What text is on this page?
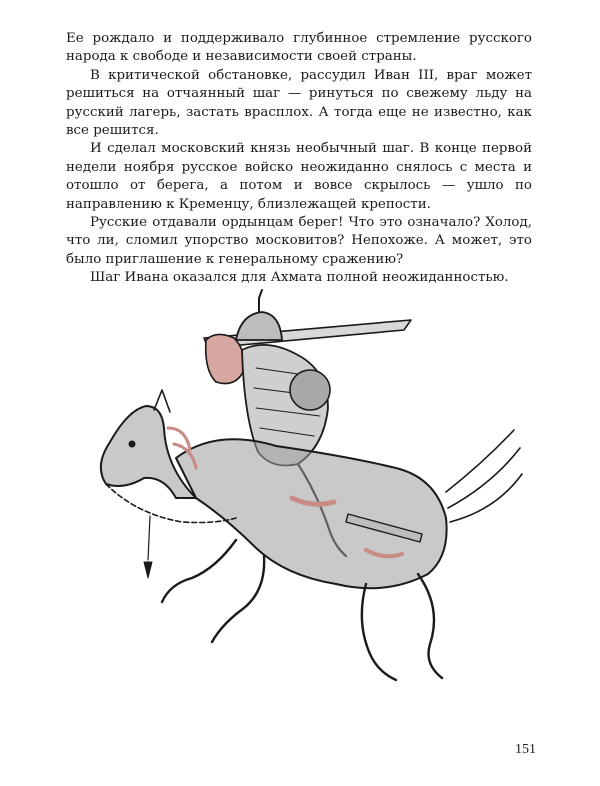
Ее рождало и поддерживало глубинное стремление русского народа к свободе и независимости своей страны.

В критической обстановке, рассудил Иван III, враг может решиться на отчаянный шаг — ринуться по свежему льду на русский лагерь, застать врасплох. А тогда еще не известно, как все решится.

И сделал московский князь необычный шаг. В конце первой недели ноября русское войско неожиданно снялось с места и отошло от берега, а потом и вовсе скрылось — ушло по направлению к Кременцу, близлежащей крепости.

Русские отдавали ордынцам берег! Что это означало? Холод, что ли, сломил упорство московитов? Непохоже. А может, это было приглашение к генеральному сражению?

Шаг Ивана оказался для Ахмата полной неожиданностью.

151
